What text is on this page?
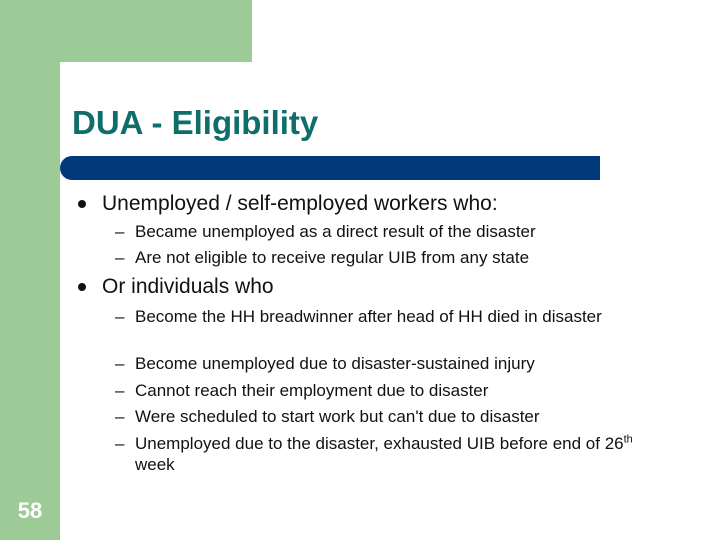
DUA - Eligibility
Unemployed / self-employed workers who:
– Became unemployed as a direct result of the disaster
– Are not eligible to receive regular UIB from any state
Or individuals who
– Become the HH breadwinner after head of HH died in disaster
– Become unemployed due to disaster-sustained injury
– Cannot reach their employment due to disaster
– Were scheduled to start work but can't due to disaster
– Unemployed due to the disaster, exhausted UIB before end of 26th week
58
